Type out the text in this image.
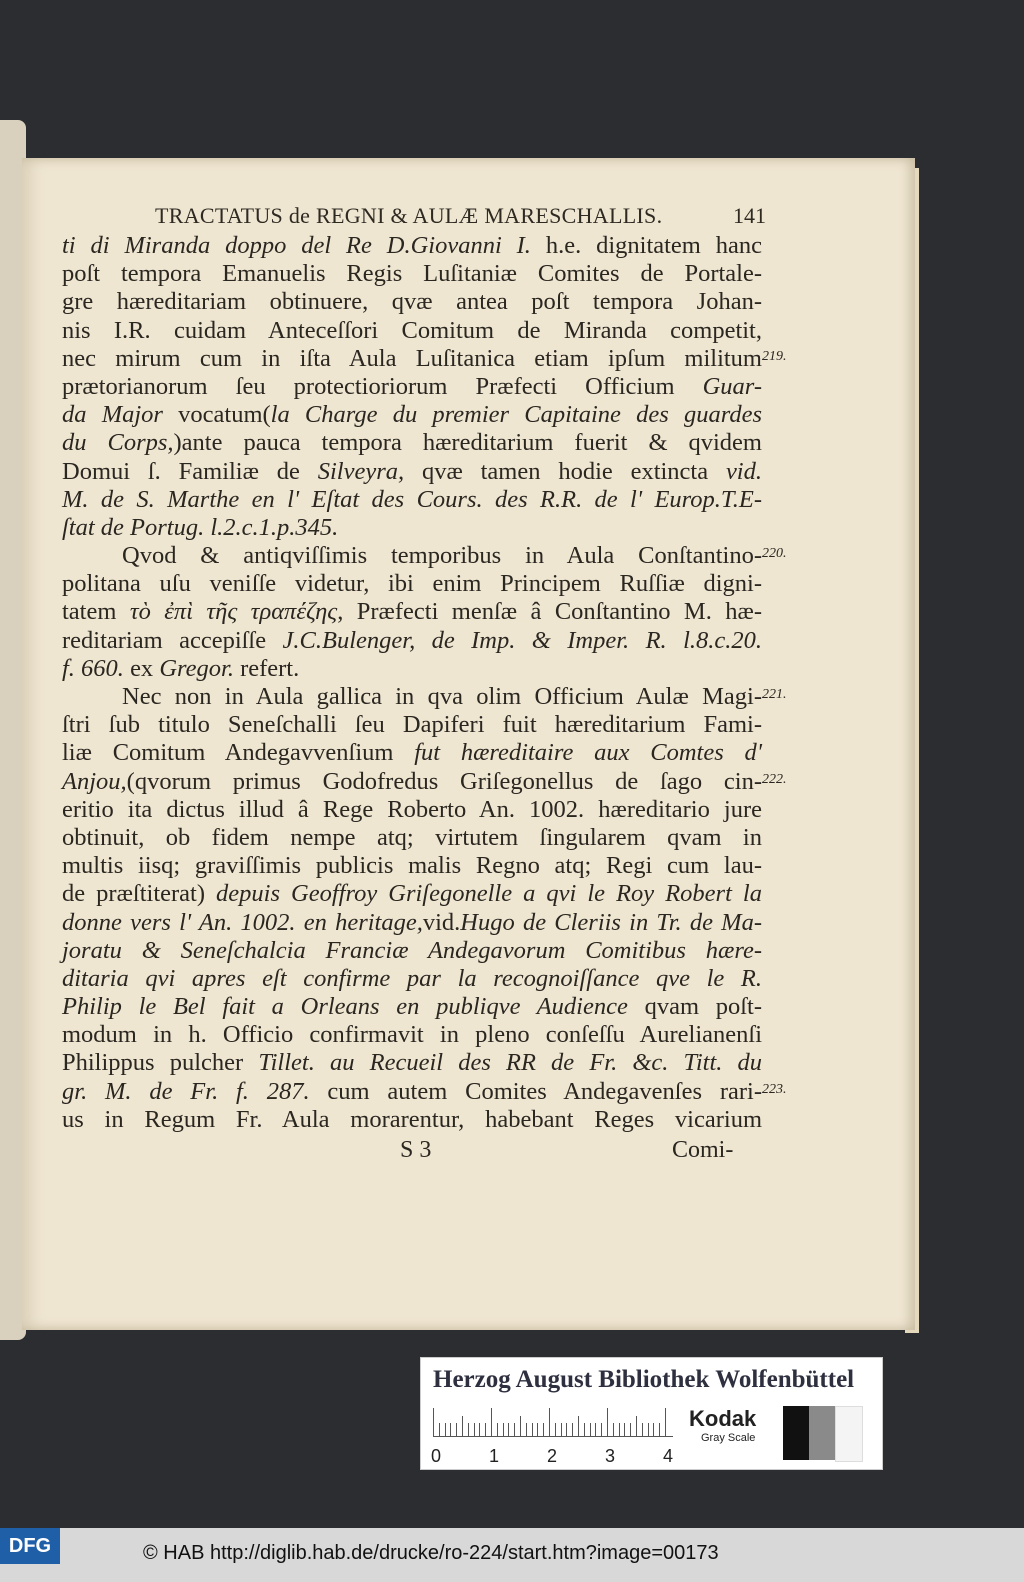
TRACTATUS de REGNI & AULÆ MARESCHALLIS.	141
ti di Miranda doppo del Re D.Giovanni I. h.e. dignitatem hanc
poſt tempora Emanuelis Regis Luſitaniæ Comites de Portale-
gre hæreditariam obtinuere, qvæ antea poſt tempora Johan-
nis I.R. cuidam Anteceſſori Comitum de Miranda competit,
nec mirum cum in iſta Aula Luſitanica etiam ipſum militum
prætorianorum ſeu protectioriorum Præfecti Officium Guar-
da Major vocatum(la Charge du premier Capitaine des guardes
du Corps,)ante pauca tempora hæreditarium fuerit & qvidem
Domui ſ. Familiæ de Silveyra, qvæ tamen hodie extincta vid.
M. de S. Marthe en l' Eſtat des Cours. des R.R. de l' Europ.T.E-
ſtat de Portug. l.2.c.1.p.345.
Qvod & antiqviſſimis temporibus in Aula Conſtantino-
politana uſu veniſſe videtur, ibi enim Principem Ruſſiæ digni-
tatem τὸ ἐπὶ τῆς τραπέζης, Præfecti menſæ â Conſtantino M. hæ-
reditariam accepiſſe J.C.Bulenger, de Imp. & Imper. R. l.8.c.20.
f. 660. ex Gregor. refert.
Nec non in Aula gallica in qva olim Officium Aulæ Magi-
ſtri ſub titulo Seneſchalli ſeu Dapiferi fuit hæreditarium Fami-
liæ Comitum Andegavvenſium fut hæreditaire aux Comtes d'
Anjou,(qvorum primus Godofredus Griſegonellus de ſago cin-
eritio ita dictus illud â Rege Roberto An. 1002. hæreditario jure
obtinuit, ob fidem nempe atq; virtutem ſingularem qvam in
multis iisq; graviſſimis publicis malis Regno atq; Regi cum lau-
de præſtiterat) depuis Geoffroy Griſegonelle a qvi le Roy Robert la
donne vers l' An. 1002. en heritage,vid.Hugo de Cleriis in Tr. de Ma-
joratu & Seneſchalcia Franciæ Andegavorum Comitibus hære-
ditaria qvi apres eſt confirme par la recognoiſſance qve le R.
Philip le Bel fait a Orleans en publiqve Audience qvam poſt-
modum in h. Officio confirmavit in pleno conſeſſu Aurelianenſi
Philippus pulcher Tillet. au Recueil des RR de Fr. &c. Titt. du
gr. M. de Fr. f. 287. cum autem Comites Andegavenſes rari-
us in Regum Fr. Aula morarentur, habebant Reges vicarium
219.
220.
221.
222.
223.
S 3	Comi-
Herzog August Bibliothek Wolfenbüttel
0	1	2	3	4
Kodak
Gray Scale
DFG	© HAB http://diglib.hab.de/drucke/ro-224/start.htm?image=00173
